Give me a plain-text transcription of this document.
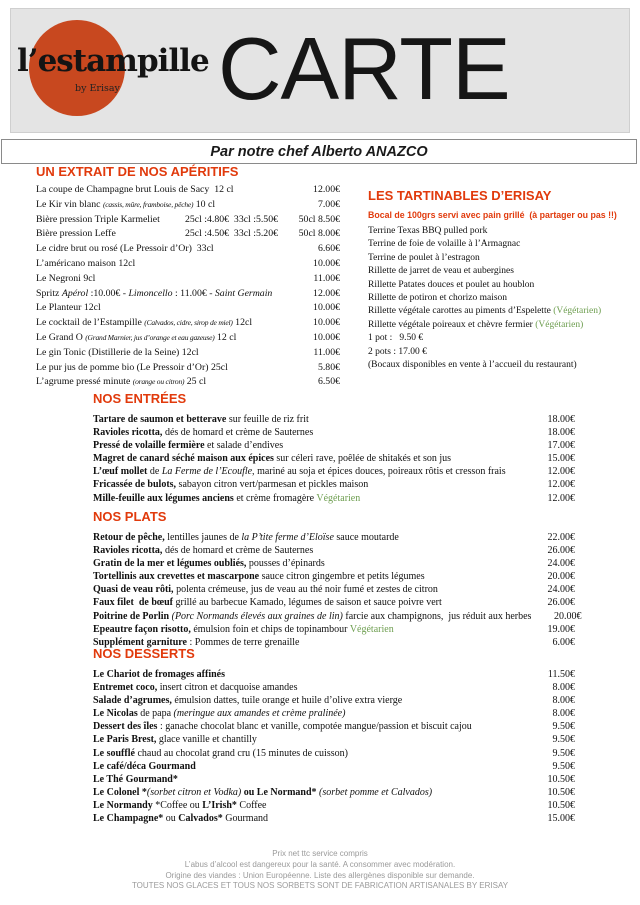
l’estampille
by Erisay CARTE
Par notre chef Alberto ANAZCO
UN EXTRAIT DE NOS APÉRITIFS
La coupe de Champagne brut Louis de Sacy  12 cl	12.00€
Le Kir vin blanc (cassis, mûre, framboise, pêche) 10 cl	7.00€
Bière pression Triple Karmeliet	25cl :4.80€  33cl :5.50€	50cl 8.50€
Bière pression Leffe	25cl :4.50€  33cl :5.20€	50cl 8.00€
Le cidre brut ou rosé (Le Pressoir d’Or)  33cl	6.60€
L’américano maison 12cl	10.00€
Le Negroni 9cl	11.00€
Spritz Apérol :10.00€ - Limoncello : 11.00€ - Saint Germain	12.00€
Le Planteur 12cl	10.00€
Le cocktail de l’Estampille (Calvados, cidre, sirop de miel) 12cl	10.00€
Le Grand O (Grand Marnier, jus d’orange et eau gazeuse) 12 cl	10.00€
Le gin Tonic (Distillerie de la Seine) 12cl	11.00€
Le pur jus de pomme bio (Le Pressoir d’Or) 25cl	5.80€
L’agrume pressé minute (orange ou citron) 25 cl	6.50€
LES TARTINABLES D’ERISAY
Bocal de 100grs servi avec pain grillé  (à partager ou pas !!)
Terrine Texas BBQ pulled pork
Terrine de foie de volaille à l’Armagnac
Terrine de poulet à l’estragon
Rillette de jarret de veau et aubergines
Rillette Patates douces et poulet au houblon
Rillette de potiron et chorizo maison
Rillette végétale carottes au piments d’Espelette (Végétarien)
Rillette végétale poireaux et chèvre fermier (Végétarien)
1 pot :   9.50 €
2 pots : 17.00 €
(Bocaux disponibles en vente à l’accueil du restaurant)
NOS ENTRÉES
Tartare de saumon et betterave sur feuille de riz frit	18.00€
Ravioles ricotta, dés de homard et crème de Sauternes	18.00€
Pressé de volaille fermière et salade d’endives	17.00€
Magret de canard séché maison aux épices sur céleri rave, poêlée de shitakés et son jus	15.00€
L’œuf mollet de La Ferme de l’Ecoufle, mariné au soja et épices douces, poireaux rôtis et cresson frais	12.00€
Fricassée de bulots, sabayon citron vert/parmesan et pickles maison	12.00€
Mille-feuille aux légumes anciens et crème fromagère Végétarien	12.00€
NOS PLATS
Retour de pêche, lentilles jaunes de la P’tite ferme d’Eloïse sauce moutarde	22.00€
Ravioles ricotta, dés de homard et crème de Sauternes	26.00€
Gratin de la mer et légumes oubliés, pousses d’épinards	24.00€
Tortellinis aux crevettes et mascarpone sauce citron gingembre et petits légumes	20.00€
Quasi de veau rôti, polenta crémeuse, jus de veau au thé noir fumé et zestes de citron	24.00€
Faux filet  de bœuf grillé au barbecue Kamado, légumes de saison et sauce poivre vert	26.00€
Poitrine de Porlin (Porc Normands élevés aux graines de lin) farcie aux champignons,  jus réduit aux herbes	20.00€
Epeautre façon risotto, émulsion foin et chips de topinambour Végétarien	19.00€
Supplément garniture : Pommes de terre grenaille	6.00€
NOS DESSERTS
Le Chariot de fromages affinés	11.50€
Entremet coco, insert citron et dacquoise amandes	8.00€
Salade d’agrumes, émulsion dattes, tuile orange et huile d’olive extra vierge	8.00€
Le Nicolas de papa (meringue aux amandes et crème pralinée)	8.00€
Dessert des îles : ganache chocolat blanc et vanille, compotée mangue/passion et biscuit cajou	9.50€
Le Paris Brest, glace vanille et chantilly	9.50€
Le soufflé chaud au chocolat grand cru (15 minutes de cuisson)	9.50€
Le café/déca Gourmand	9.50€
Le Thé Gourmand*	10.50€
Le Colonel *(sorbet citron et Vodka) ou Le Normand* (sorbet pomme et Calvados)	10.50€
Le Normandy *Coffee ou L’Irish* Coffee	10.50€
Le Champagne* ou Calvados* Gourmand	15.00€
Prix net ttc service compris
L’abus d’alcool est dangereux pour la santé. A consommer avec modération.
Origine des viandes : Union Européenne. Liste des allergènes disponible sur demande.
TOUTES NOS GLACES ET TOUS NOS SORBETS SONT DE FABRICATION ARTISANALES BY ERISAY
